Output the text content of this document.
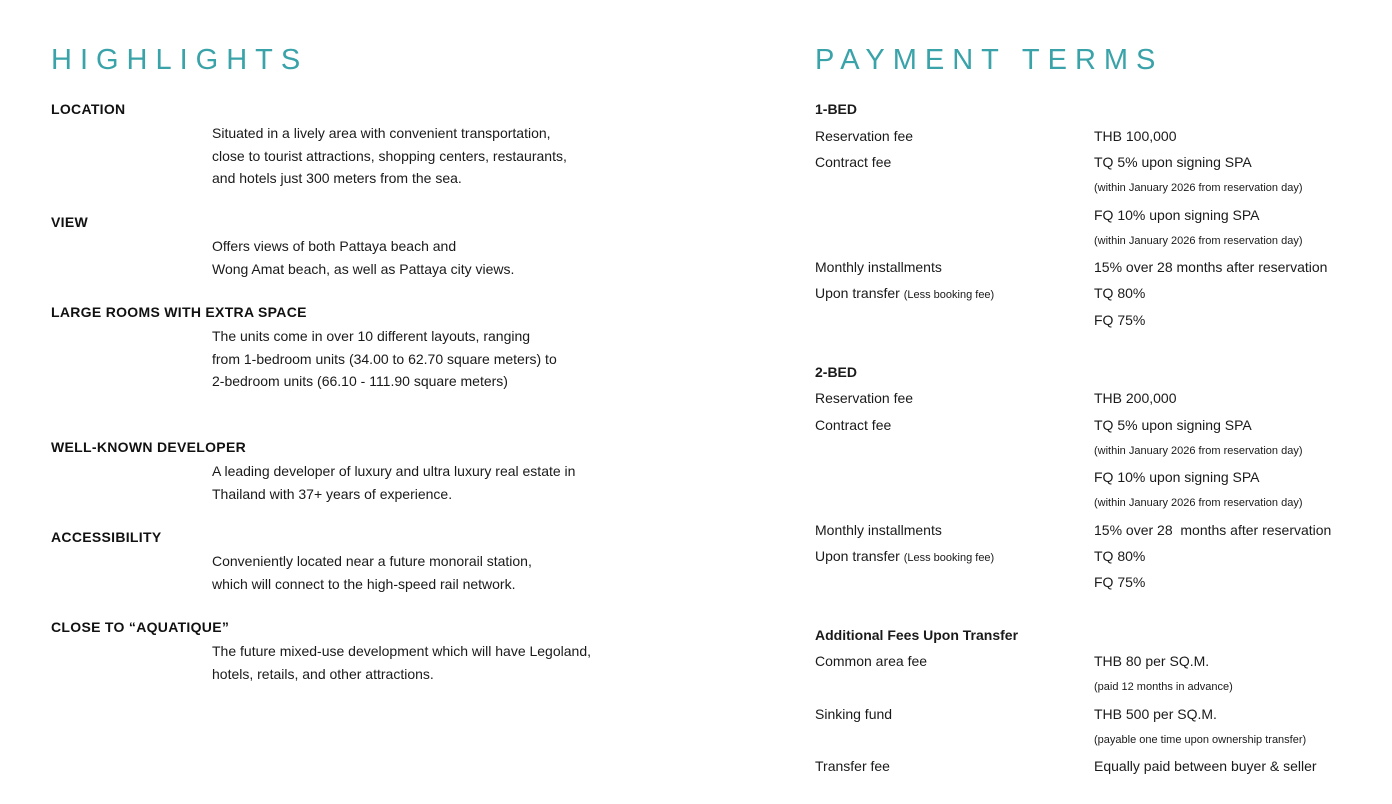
HIGHLIGHTS
LOCATION
Situated in a lively area with convenient transportation,
close to tourist attractions, shopping centers, restaurants,
and hotels just 300 meters from the sea.
VIEW
Offers views of both Pattaya beach and
Wong Amat beach, as well as Pattaya city views.
LARGE ROOMS WITH EXTRA SPACE
The units come in over 10 different layouts, ranging
from 1-bedroom units (34.00 to 62.70 square meters) to
2-bedroom units (66.10 - 111.90 square meters)
WELL-KNOWN DEVELOPER
A leading developer of luxury and ultra luxury real estate in
Thailand with 37+ years of experience.
ACCESSIBILITY
Conveniently located near a future monorail station,
which will connect to the high-speed rail network.
CLOSE TO “AQUATIQUE”
The future mixed-use development which will have Legoland,
hotels, retails, and other attractions.
PAYMENT TERMS
1-BED
Reservation fee	THB 100,000
Contract fee	TQ 5% upon signing SPA
(within January 2026 from reservation day)
FQ 10% upon signing SPA
(within January 2026 from reservation day)
Monthly installments	15% over 28 months after reservation
Upon transfer (Less booking fee)	TQ 80%
FQ 75%
2-BED
Reservation fee	THB 200,000
Contract fee	TQ 5% upon signing SPA
(within January 2026 from reservation day)
FQ 10% upon signing SPA
(within January 2026 from reservation day)
Monthly installments	15% over 28  months after reservation
Upon transfer (Less booking fee)	TQ 80%
FQ 75%
Additional Fees Upon Transfer
Common area fee	THB 80 per SQ.M.
(paid 12 months in advance)
Sinking fund	THB 500 per SQ.M.
(payable one time upon ownership transfer)
Transfer fee	Equally paid between buyer & seller
